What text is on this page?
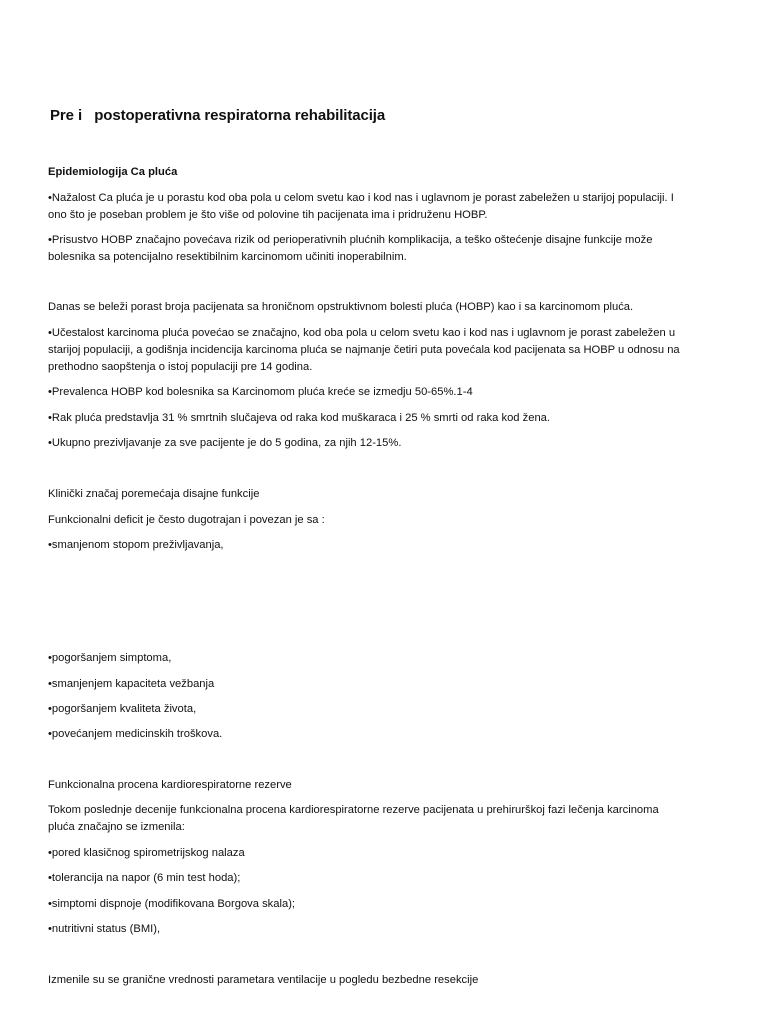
Pre i   postoperativna respiratorna rehabilitacija
Epidemiologija Ca pluća
•Nažalost Ca pluća je u porastu kod oba pola u celom svetu kao i kod nas i uglavnom je porast zabeležen u starijoj populaciji. I
ono što je poseban problem je što više od polovine tih pacijenata ima i pridruženu HOBP.
•Prisustvo HOBP značajno povećava rizik od perioperativnih plućnih komplikacija, a teško oštećenje disajne funkcije može
bolesnika sa potencijalno resektibilnim karcinomom učiniti inoperabilnim.
Danas se beleži porast broja pacijenata sa hroničnom opstruktivnom bolesti pluća (HOBP) kao i sa karcinomom pluća.
•Učestalost karcinoma pluća povećao se značajno, kod oba pola u celom svetu kao i kod nas i uglavnom je porast zabeležen u
starijoj populaciji, a godišnja incidencija karcinoma pluća se najmanje četiri puta povećala kod pacijenata sa HOBP u odnosu na
prethodno saopštenja o istoj populaciji pre 14 godina.
•Prevalenca HOBP kod bolesnika sa Karcinomom pluća kreće se izmedju 50-65%.1-4
•Rak pluća predstavlja 31 % smrtnih slučajeva od raka kod muškaraca i 25 % smrti od raka kod žena.
•Ukupno prezivljavanje za sve pacijente je do 5 godina, za njih 12-15%.
Klinički značaj poremećaja disajne funkcije
Funkcionalni deficit je često dugotrajan i povezan je sa :
•smanjenom stopom preživljavanja,
•pogoršanjem simptoma,
•smanjenjem kapaciteta vežbanja
•pogoršanjem kvaliteta života,
•povećanjem medicinskih troškova.
Funkcionalna procena kardiorespiratorne rezerve
Tokom poslednje decenije funkcionalna procena kardiorespiratorne rezerve pacijenata u prehirurškoj fazi lečenja karcinoma
pluća značajno se izmenila:
•pored klasičnog spirometrijskog nalaza
•tolerancija na napor (6 min test hoda);
•simptomi dispnoje (modifikovana Borgova skala);
•nutritivni status (BMI),
Izmenile su se granične vrednosti parametara ventilacije u pogledu bezbedne resekcije
